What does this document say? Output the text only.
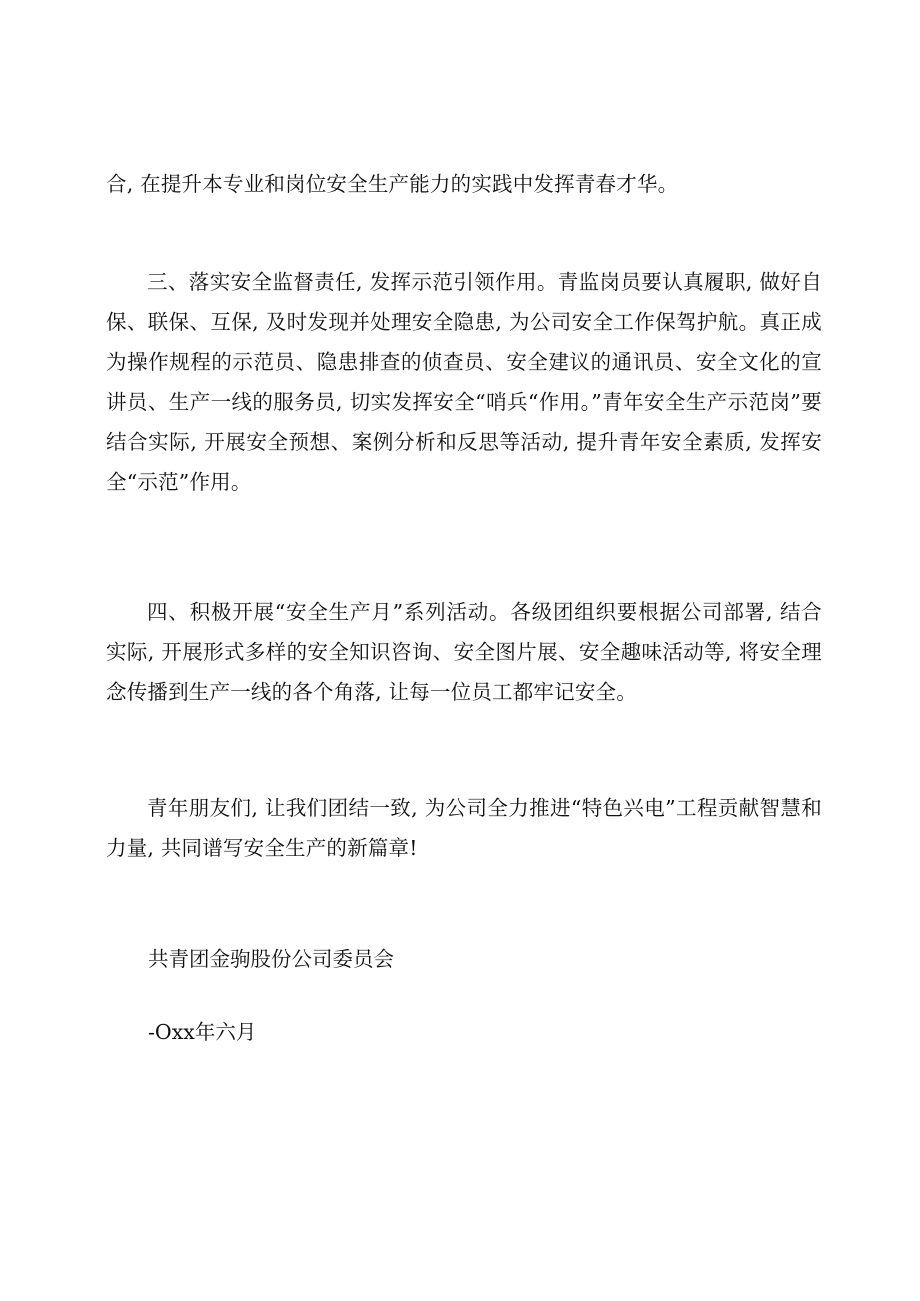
合, 在提升本专业和岗位安全生产能力的实践中发挥青春才华。

三、落实安全监督责任, 发挥示范引领作用。青监岗员要认真履职, 做好自保、联保、互保, 及时发现并处理安全隐患, 为公司安全工作保驾护航。真正成为操作规程的示范员、隐患排查的侦查员、安全建议的通讯员、安全文化的宣讲员、生产一线的服务员, 切实发挥安全“哨兵“作用。”青年安全生产示范岗”要结合实际, 开展安全预想、案例分析和反思等活动, 提升青年安全素质, 发挥安全“示范”作用。

四、积极开展“安全生产月”系列活动。各级团组织要根据公司部署, 结合实际, 开展形式多样的安全知识咨询、安全图片展、安全趣味活动等, 将安全理念传播到生产一线的各个角落, 让每一位员工都牢记安全。

青年朋友们, 让我们团结一致, 为公司全力推进“特色兴电”工程贡献智慧和力量, 共同谱写安全生产的新篇章!

共青团金驹股份公司委员会
-Oxx年六月
